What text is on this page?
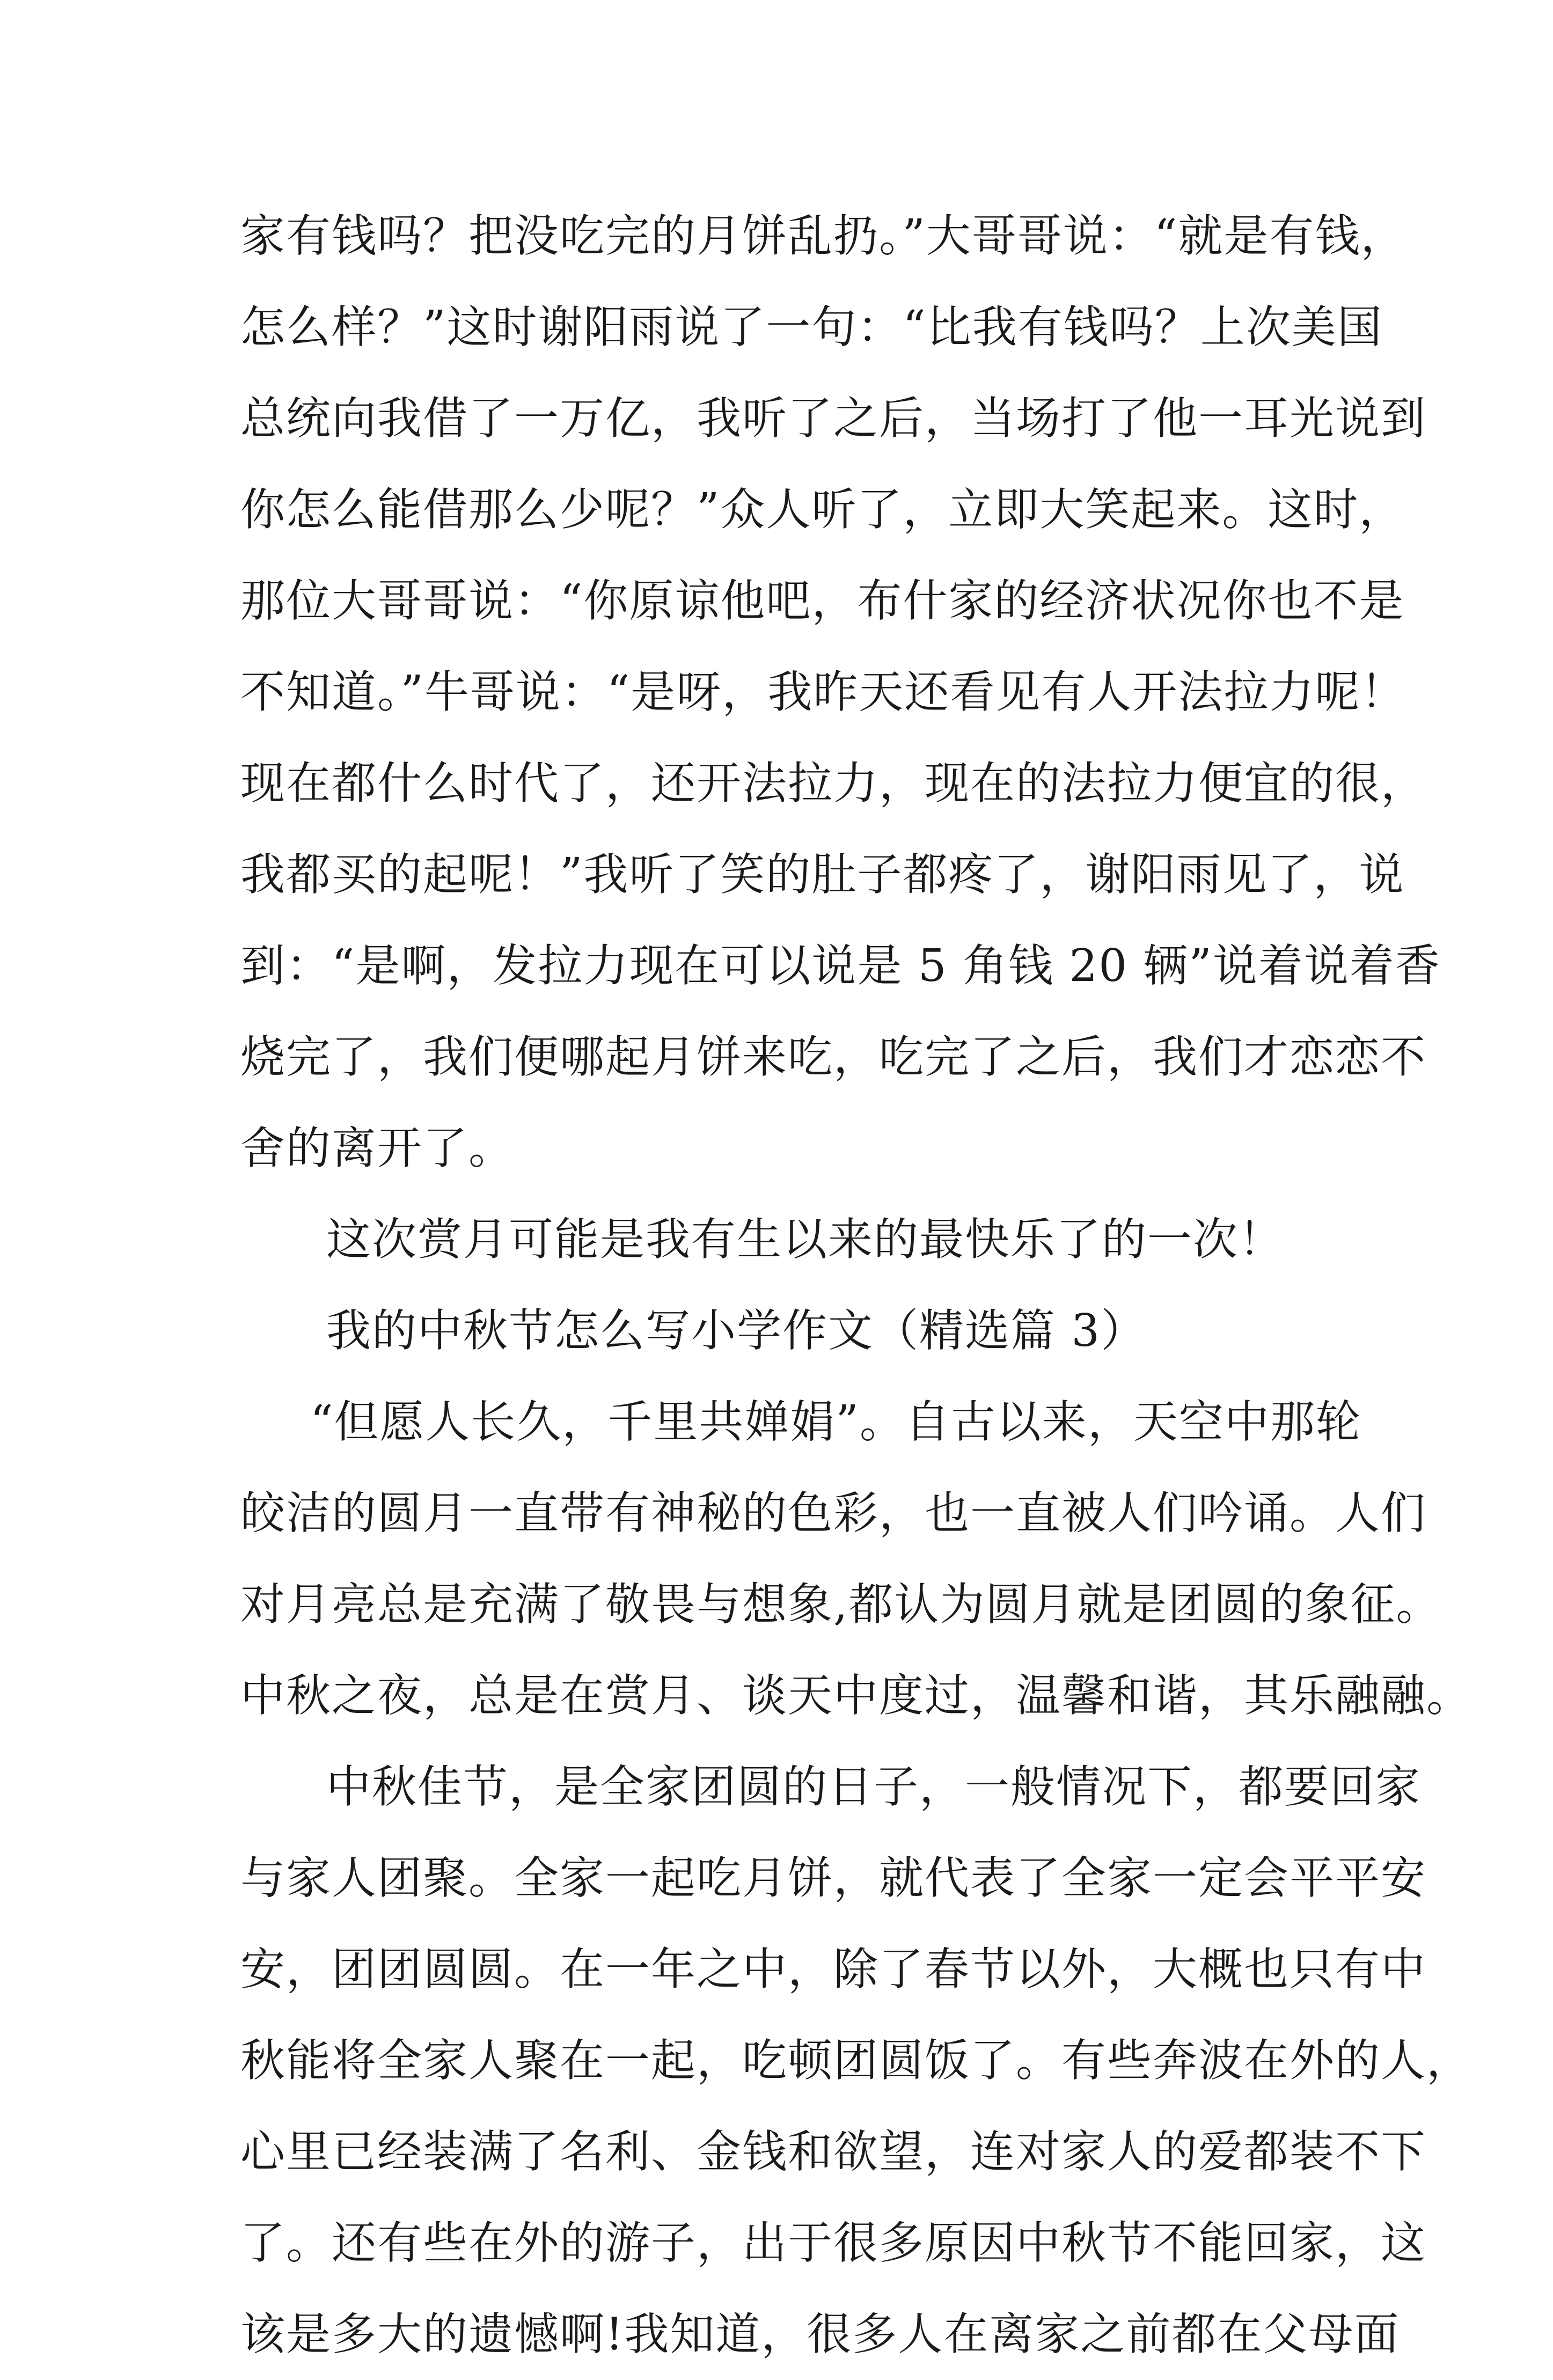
家有钱吗？把没吃完的月饼乱扔。”大哥哥说：“就是有钱，
怎么样？”这时谢阳雨说了一句：“比我有钱吗？上次美国
总统向我借了一万亿，我听了之后，当场打了他一耳光说到
你怎么能借那么少呢？”众人听了，立即大笑起来。这时，
那位大哥哥说：“你原谅他吧，布什家的经济状况你也不是
不知道。”牛哥说：“是呀，我昨天还看见有人开法拉力呢！
现在都什么时代了，还开法拉力，现在的法拉力便宜的很，
我都买的起呢！”我听了笑的肚子都疼了，谢阳雨见了，说
到：“是啊，发拉力现在可以说是 5 角钱 20 辆”说着说着香
烧完了，我们便哪起月饼来吃，吃完了之后，我们才恋恋不
舍的离开了。
这次赏月可能是我有生以来的最快乐了的一次！
我的中秋节怎么写小学作文（精选篇 3）
“但愿人长久，千里共婵娟”。自古以来，天空中那轮
皎洁的圆月一直带有神秘的色彩，也一直被人们吟诵。人们
对月亮总是充满了敬畏与想象,都认为圆月就是团圆的象征。
中秋之夜，总是在赏月、谈天中度过，温馨和谐，其乐融融。
中秋佳节，是全家团圆的日子，一般情况下，都要回家
与家人团聚。全家一起吃月饼，就代表了全家一定会平平安
安，团团圆圆。在一年之中，除了春节以外，大概也只有中
秋能将全家人聚在一起，吃顿团圆饭了。有些奔波在外的人，
心里已经装满了名利、金钱和欲望，连对家人的爱都装不下
了。还有些在外的游子，出于很多原因中秋节不能回家，这
该是多大的遗憾啊!我知道，很多人在离家之前都在父母面
